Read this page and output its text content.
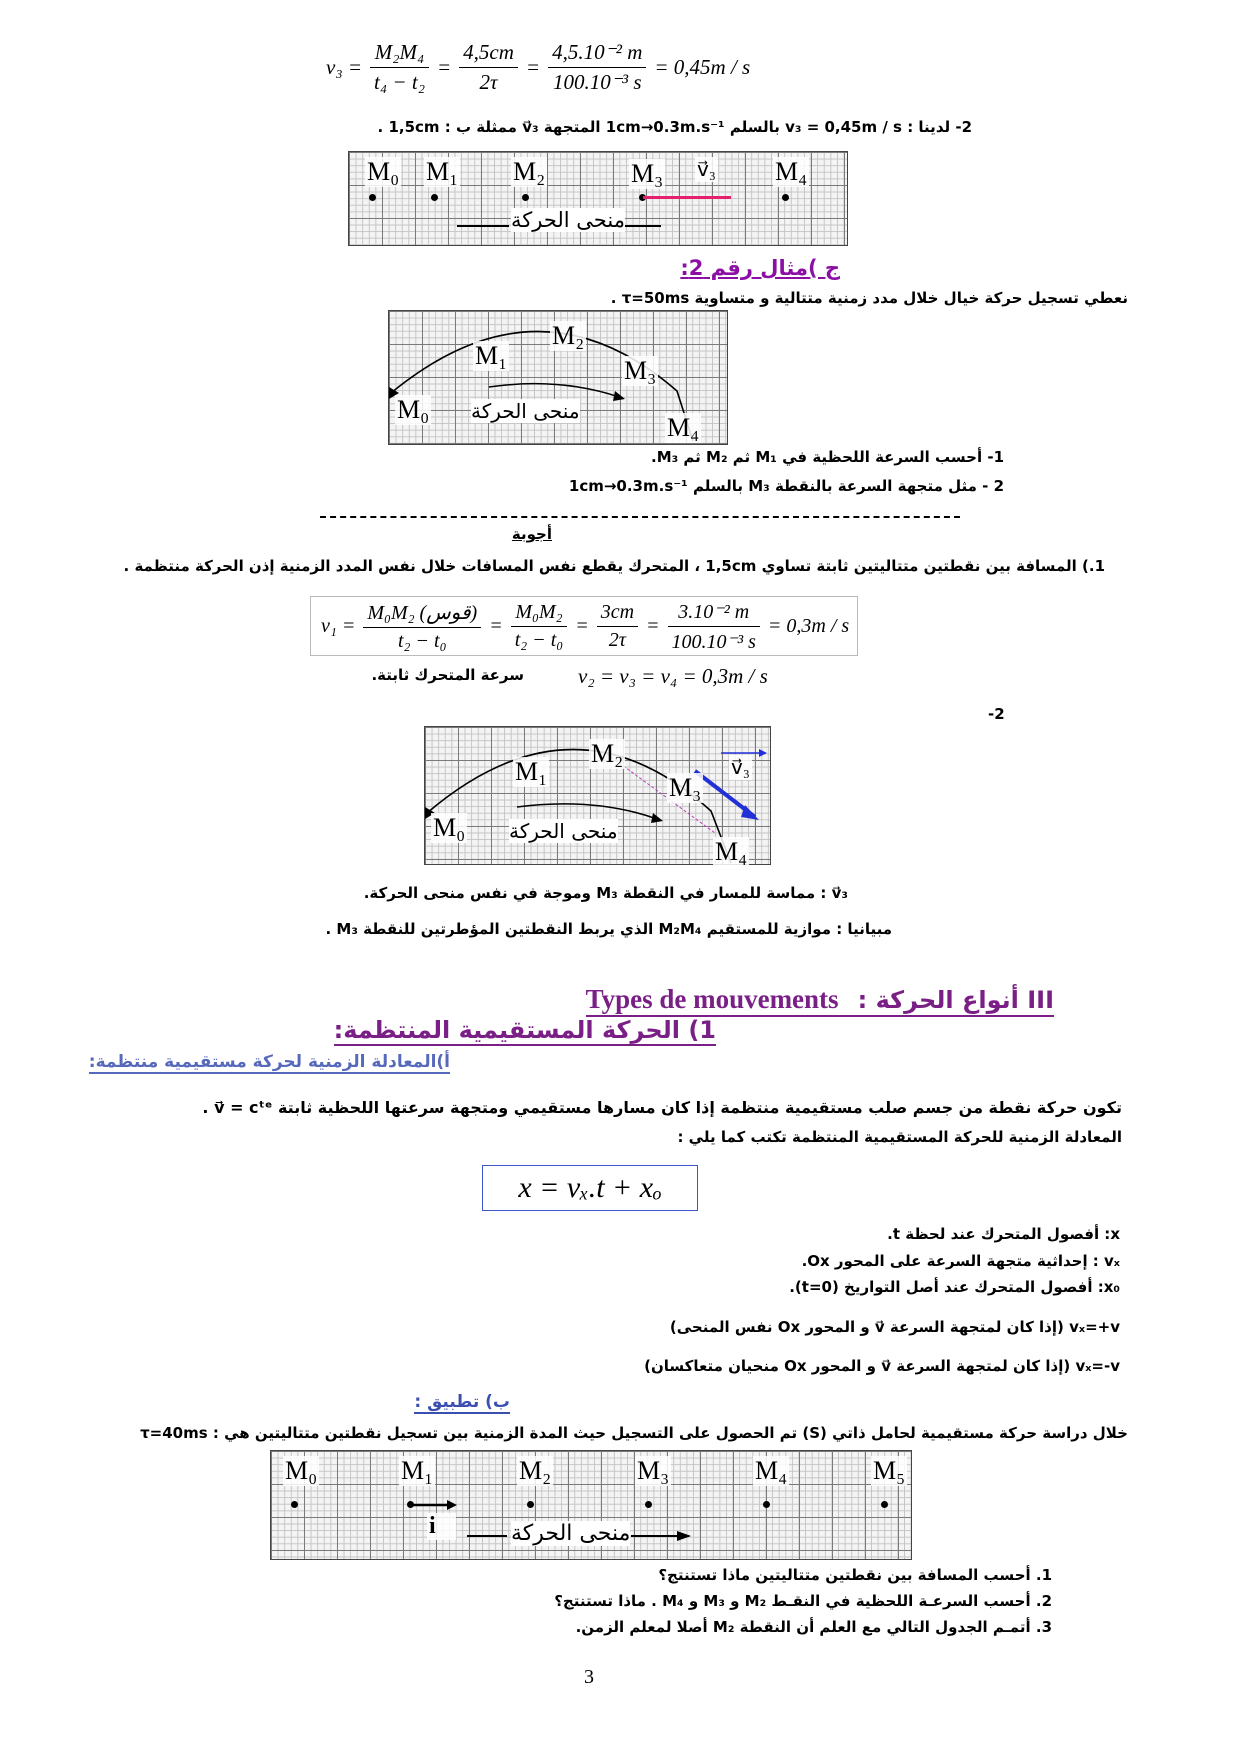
$v_3 = \frac{\text{M₂M₄}}{\text{t₄ − t₂}} = \frac{4,5cm}{2\tau} = \frac{\text{4,5.10⁻² m}}{\text{100.10⁻³ s}} = 0,45m / s$
2- لدينا : v₃ = 0,45m / s بالسلم 1cm→0.3m.s⁻¹ المتجهة v⃗₃ ممثلة ب : 1,5cm .
M₀ M₁ M₂	M₃ v⃗₃ M₄
منحى الحركة
ج )مثال رقم 2:
نعطي تسجيل حركة خيال خلال مدد زمنية متتالية و متساوية τ=50ms .
M₀
M₁
M₂
M₃
M₄
منحى الحركة
1- أحسب السرعة اللحظية في M₁ ثم M₂ ثم M₃.
2 - مثل متجهة السرعة بالنقطة M₃ بالسلم 1cm→0.3m.s⁻¹
أجوبة
1.) المسافة بين نقطتين متتاليتين ثابتة تساوي 1,5cm ، المتحرك يقطع نفس المسافات خلال نفس المدد الزمنية إذن الحركة منتظمة .
$v_1 = \frac{\text{M₀M₂ (قوس)}}{\text{t₂ − t₀}} = \frac{\text{M₀M₂}}{\text{t₂ − t₀}} = \frac{3cm}{2\tau} = \frac{\text{3.10⁻² m}}{\text{100.10⁻³ s}} = 0,3m / s$
v₂ = v₃ = v₄ = 0,3m / s
سرعة المتحرك ثابتة.
-2
M₀
M₁
M₂
M₃
v⃗₃
M₄
منحى الحركة
v⃗₃ : مماسة للمسار في النقطة M₃ وموجة في نفس منحى الحركة.
مبيانيا : موازية للمستقيم M₂M₄ الذي يربط النقطتين المؤطرتين للنقطة M₃ .
III أنواع الحركة : Types de mouvements
1) الحركة المستقيمية المنتظمة:
أ)المعادلة الزمنية لحركة مستقيمية منتظمة:
تكون حركة نقطة من جسم صلب مستقيمية منتظمة إذا كان مسارها مستقيمي ومتجهة سرعتها اللحظية ثابتة v⃗ = cᵗᵉ .
المعادلة الزمنية للحركة المستقيمية المنتظمة تكتب كما يلي :
x = vₓ.t + xₒ
x: أفصول المتحرك عند لحظة t.
vₓ : إحداثية متجهة السرعة على المحور Ox.
x₀: أفصول المتحرك عند أصل التواريخ (t=0).
vₓ=+v (إذا كان لمتجهة السرعة v⃗ و المحور Ox نفس المنحى)
vₓ=-v (إذا كان لمتجهة السرعة v⃗ و المحور Ox منحيان متعاكسان)
ب) تطبيق :
خلال دراسة حركة مستقيمية لحامل ذاتي (S) تم الحصول على التسجيل حيث المدة الزمنية بين تسجيل نقطتين متتاليتين هي : τ=40ms
M₀	M₁	M₂	M₃	M₄	M₅
i⃗	منحى الحركة
1. أحسب المسافة بين نقطتين متتاليتين ماذا تستنتج؟
2. أحسب السرعـة اللحظية في النقـط M₂ و M₃ و M₄ . ماذا تستنتج؟
3. أتمـم الجدول التالي مع العلم أن النقطة M₂ أصلا لمعلم الزمن.
3
